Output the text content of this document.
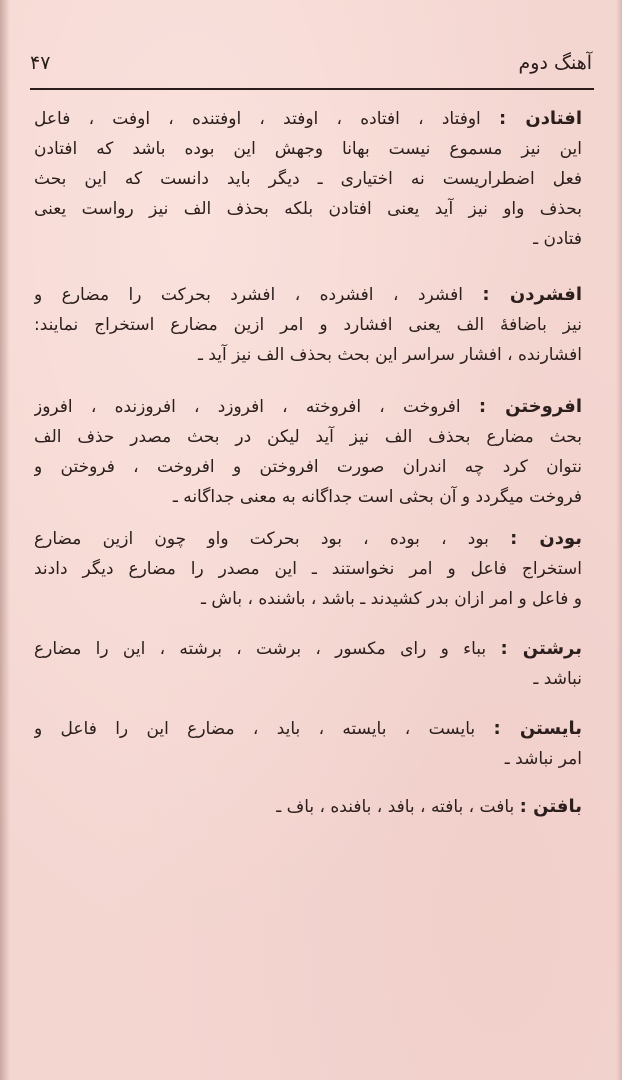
آهنگ دوم
۴۷
افتادن : اوفتاد ، افتاده ، اوفتد ، اوفتنده ، اوفت ، فاعل
این نیز مسموع نیست بهانا وجهش این بوده باشد که افتادن
فعل اضطراریست نه اختیاری ـ دیگر باید دانست که این بحث
بحذف واو نیز آید یعنی افتادن بلکه بحذف الف نیز رواست یعنی
فتادن ـ
افشردن : افشرد ، افشرده ، افشرد بحرکت را مضارع و
نیز باضافهٔ الف یعنی افشارد و امر ازین مضارع استخراج نمایند:
افشارنده ، افشار سراسر این بحث بحذف الف نیز آید ـ
افروختن : افروخت ، افروخته ، افروزد ، افروزنده ، افروز
بحث مضارع بحذف الف نیز آید لیکن در بحث مصدر حذف الف
نتوان کرد چه اندران صورت افروختن و افروخت ، فروختن و
فروخت میگردد و آن بحثی است جداگانه به معنی جداگانه ـ
بودن : بود ، بوده ، بود بحرکت واو چون ازین مضارع
استخراج فاعل و امر نخواستند ـ این مصدر را مضارع دیگر دادند
و فاعل و امر ازان بدر کشیدند ـ باشد ، باشنده ، باش ـ
برشتن : بباء و رای مکسور ، برشت ، برشته ، این را مضارع
نباشد ـ
بایستن : بایست ، بایسته ، باید ، مضارع این را فاعل و
امر نباشد ـ
بافتن : بافت ، بافته ، بافد ، بافنده ، باف ـ
